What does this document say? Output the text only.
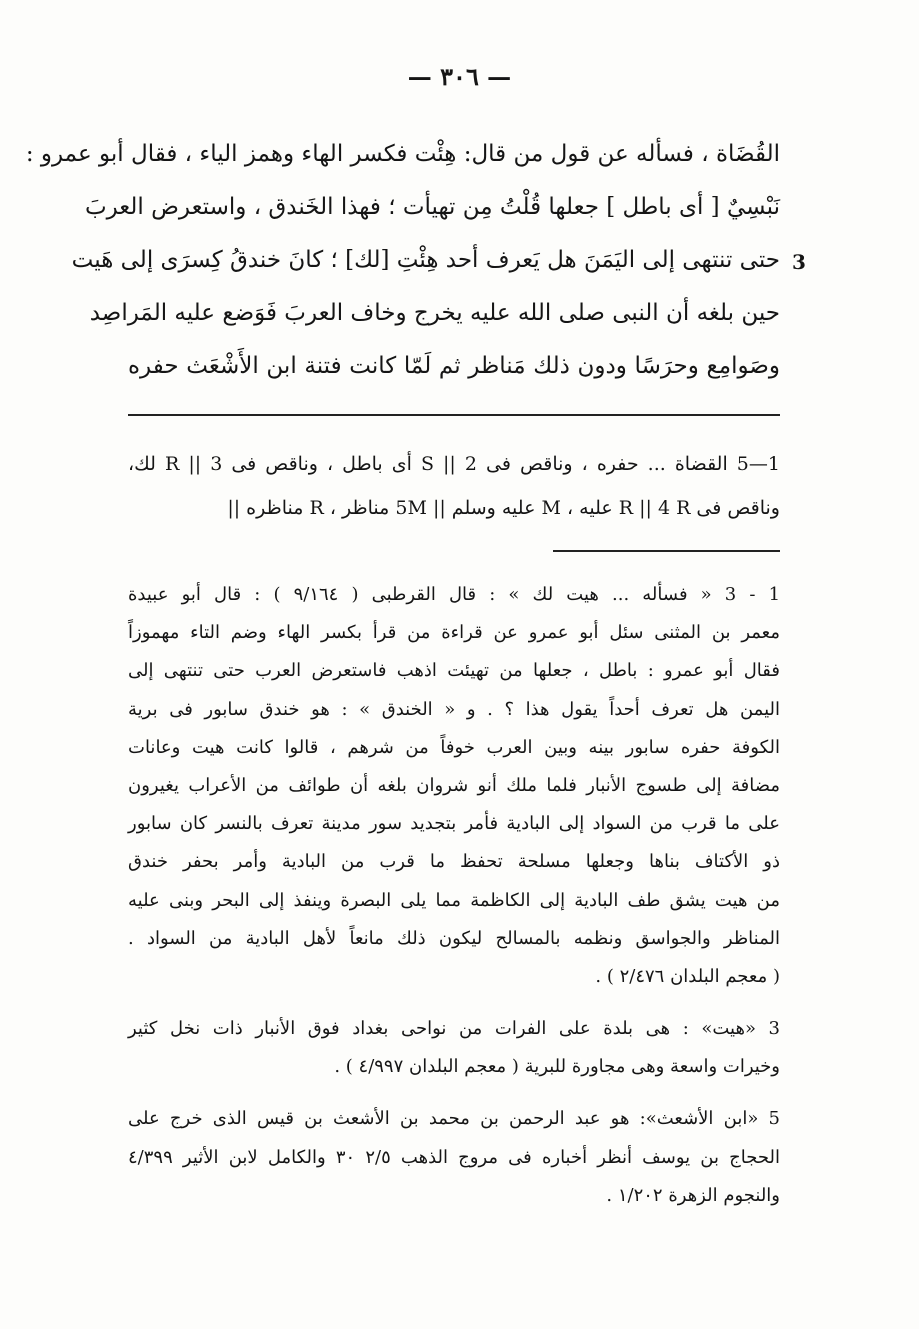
— ٣٠٦ —
القُضَاة ، فسأله عن قول من قال: هِئْت فكسر الهاء وهمز الياء ، فقال أبو عمرو :
نَبْسِيٌ [ أى باطل ] جعلها قُلْتُ مِن تهيأت ؛ فهذا الخَندق ، واستعرض العربَ
حتى تنتهى إلى اليَمَنَ هل يَعرف أحد هِئْتِ [لك] ؛ كانَ خندقُ كِسرَى إلى هَيت
حين بلغه أن النبى صلى الله عليه يخرج وخاف العربَ فَوَضع عليه المَراصِد
وصَوامِع وحرَسًا ودون ذلك مَناظر ثم لَمّا كانت فتنة ابن الأَشْعَث حفره
3
1—5 القضاة ... حفره ، وناقص فى S || 2 أى باطل ، وناقص فى R || 3 لك،
وناقص فى R || 4 R عليه ، M عليه وسلم || 5M مناظر ، R مناظره ||
1 - 3 « فسأله ... هيت لك » : قال القرطبى ( ٩/١٦٤ ) : قال أبو عبيدة
معمر بن المثنى سئل أبو عمرو عن قراءة من قرأ بكسر الهاء وضم التاء مهموزاً
فقال أبو عمرو : باطل ، جعلها من تهيئت اذهب فاستعرض العرب حتى تنتهى إلى
اليمن هل تعرف أحداً يقول هذا ؟ . و « الخندق » : هو خندق سابور فى برية
الكوفة حفره سابور بينه وبين العرب خوفاً من شرهم ، قالوا كانت هيت وعانات
مضافة إلى طسوج الأنبار فلما ملك أنو شروان بلغه أن طوائف من الأعراب يغيرون
على ما قرب من السواد إلى البادية فأمر بتجديد سور مدينة تعرف بالنسر كان سابور
ذو الأكتاف بناها وجعلها مسلحة تحفظ ما قرب من البادية وأمر بحفر خندق
من هيت يشق طف البادية إلى الكاظمة مما يلى البصرة وينفذ إلى البحر وبنى عليه
المناظر والجواسق ونظمه بالمسالح ليكون ذلك مانعاً لأهل البادية من السواد .
( معجم البلدان ٢/٤٧٦ ) .
3 «هيت» : هى بلدة على الفرات من نواحى بغداد فوق الأنبار ذات نخل كثير
وخيرات واسعة وهى مجاورة للبرية ( معجم البلدان ٤/٩٩٧ ) .
5 «ابن الأشعث»: هو عبد الرحمن بن محمد بن الأشعث بن قيس الذى خرج على
الحجاج بن يوسف أنظر أخباره فى مروج الذهب ٢/٥ ٣٠ والكامل لابن الأثير ٤/٣٩٩
والنجوم الزهرة ١/٢٠٢ .
